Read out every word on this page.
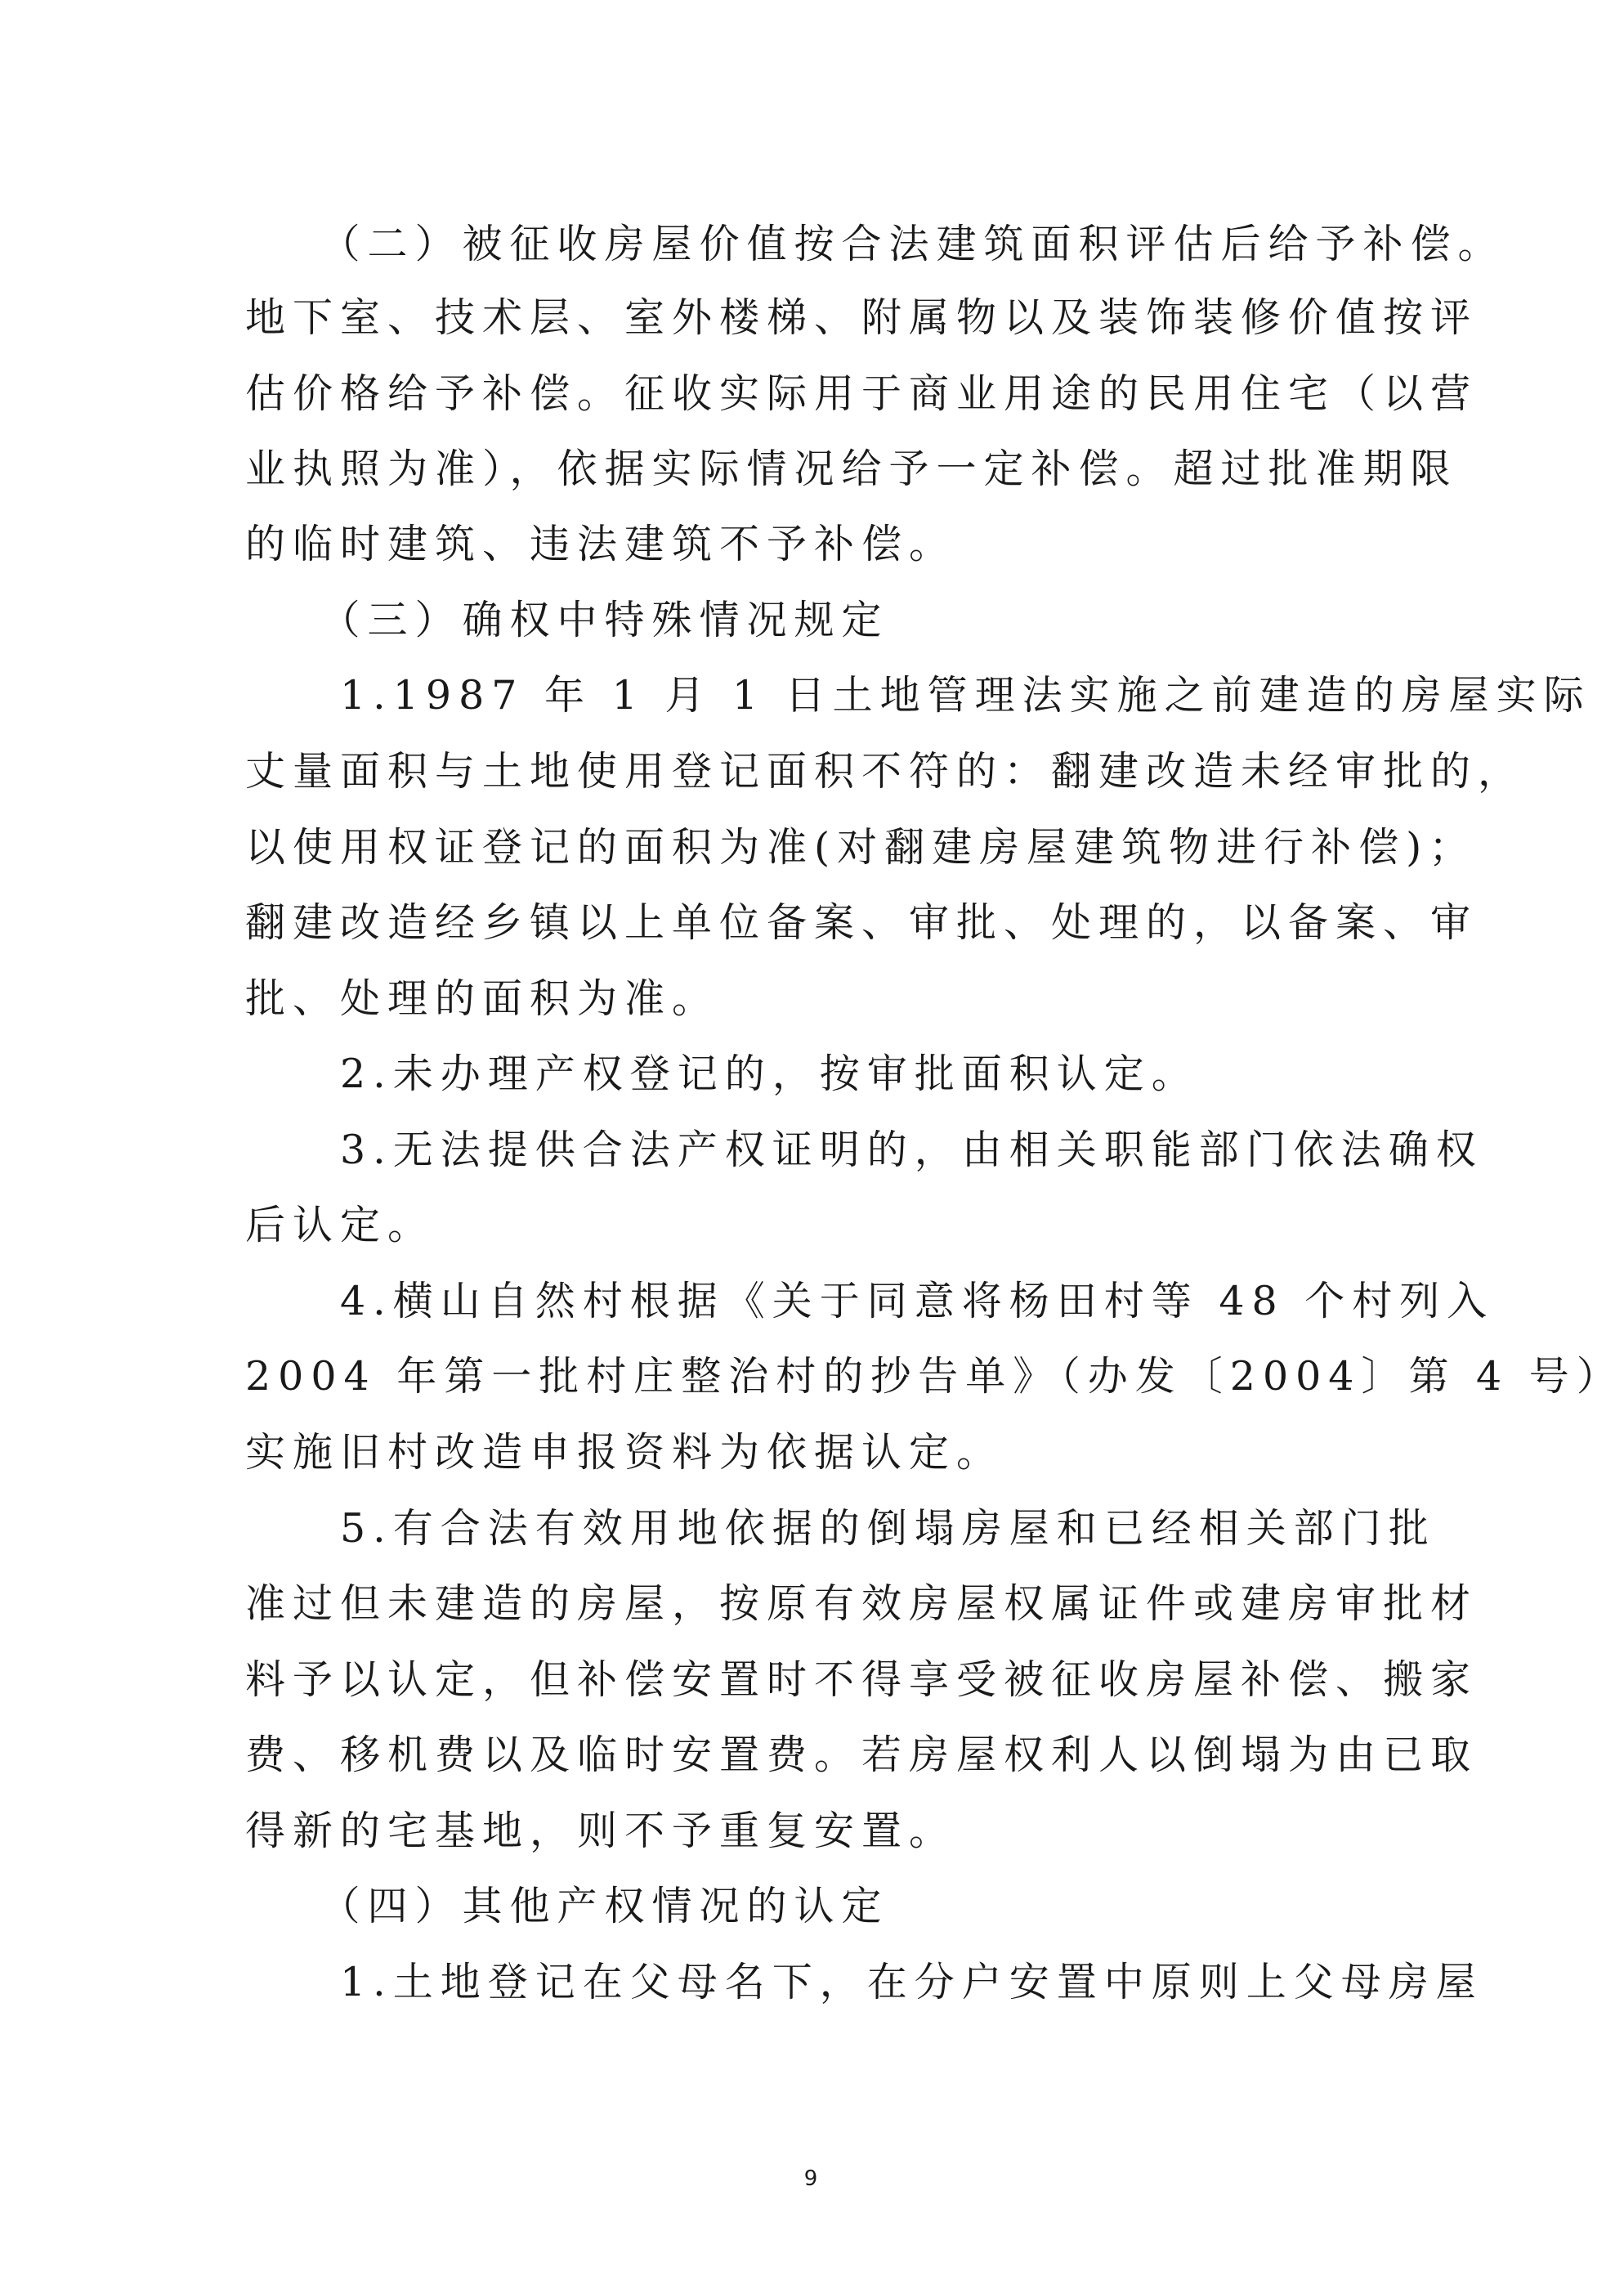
　　（二）被征收房屋价值按合法建筑面积评估后给予补偿。
地下室、技术层、室外楼梯、附属物以及装饰装修价值按评
估价格给予补偿。征收实际用于商业用途的民用住宅（以营
业执照为准），依据实际情况给予一定补偿。超过批准期限
的临时建筑、违法建筑不予补偿。
　　（三）确权中特殊情况规定
　　1.1987 年 1 月 1 日土地管理法实施之前建造的房屋实际
丈量面积与土地使用登记面积不符的：翻建改造未经审批的，
以使用权证登记的面积为准(对翻建房屋建筑物进行补偿)；
翻建改造经乡镇以上单位备案、审批、处理的，以备案、审
批、处理的面积为准。
　　2.未办理产权登记的，按审批面积认定。
　　3.无法提供合法产权证明的，由相关职能部门依法确权
后认定。
　　4.横山自然村根据《关于同意将杨田村等 48 个村列入
2004 年第一批村庄整治村的抄告单》（办发〔2004〕第 4 号）
实施旧村改造申报资料为依据认定。
　　5.有合法有效用地依据的倒塌房屋和已经相关部门批
准过但未建造的房屋，按原有效房屋权属证件或建房审批材
料予以认定，但补偿安置时不得享受被征收房屋补偿、搬家
费、移机费以及临时安置费。若房屋权利人以倒塌为由已取
得新的宅基地，则不予重复安置。
　　（四）其他产权情况的认定
　　1.土地登记在父母名下，在分户安置中原则上父母房屋
9
